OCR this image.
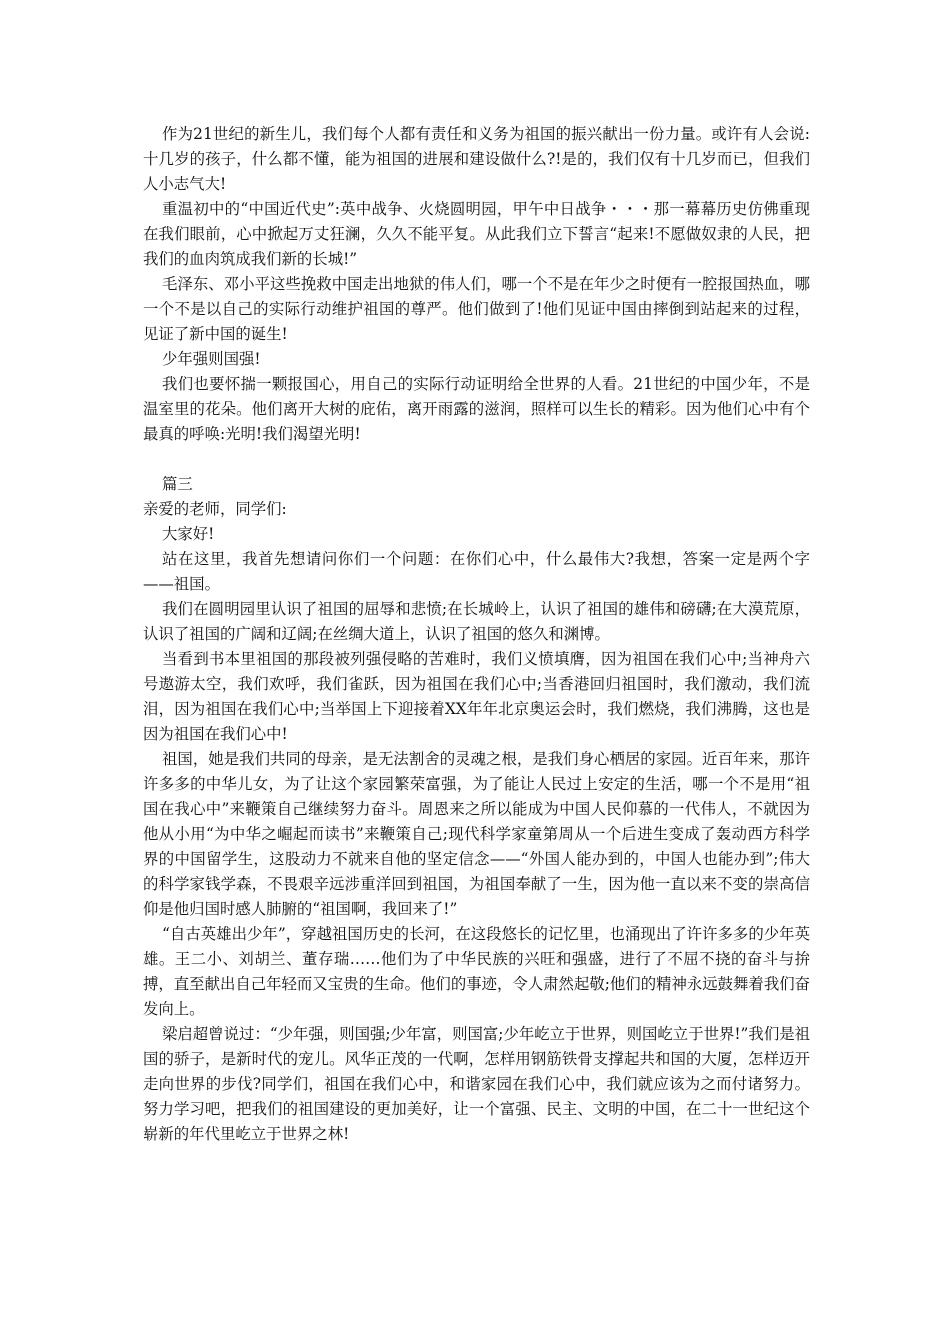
作为21世纪的新生儿，我们每个人都有责任和义务为祖国的振兴献出一份力量。或许有人会说:十几岁的孩子，什么都不懂，能为祖国的进展和建设做什么?!是的，我们仅有十几岁而已，但我们人小志气大!

重温初中的“中国近代史”:英中战争、火烧圆明园，甲午中日战争・・・那一幕幕历史仿佛重现在我们眼前，心中掀起万丈狂澜，久久不能平复。从此我们立下誓言“起来!不愿做奴隶的人民，把我们的血肉筑成我们新的长城!”

毛泽东、邓小平这些挽救中国走出地狱的伟人们，哪一个不是在年少之时便有一腔报国热血，哪一个不是以自己的实际行动维护祖国的尊严。他们做到了!他们见证中国由摔倒到站起来的过程，见证了新中国的诞生!

少年强则国强!

我们也要怀揣一颗报国心，用自己的实际行动证明给全世界的人看。21世纪的中国少年，不是温室里的花朵。他们离开大树的庇佑，离开雨露的滋润，照样可以生长的精彩。因为他们心中有个最真的呼唤:光明!我们渴望光明!

篇三

亲爱的老师，同学们:

大家好!

站在这里，我首先想请问你们一个问题：在你们心中，什么最伟大?我想，答案一定是两个字——祖国。

我们在圆明园里认识了祖国的屈辱和悲愤;在长城岭上，认识了祖国的雄伟和磅礴;在大漠荒原，认识了祖国的广阔和辽阔;在丝绸大道上，认识了祖国的悠久和渊博。

当看到书本里祖国的那段被列强侵略的苦难时，我们义愤填膺，因为祖国在我们心中;当神舟六号遨游太空，我们欢呼，我们雀跃，因为祖国在我们心中;当香港回归祖国时，我们激动，我们流泪，因为祖国在我们心中;当举国上下迎接着XX年年北京奥运会时，我们燃烧，我们沸腾，这也是因为祖国在我们心中!

祖国，她是我们共同的母亲，是无法割舍的灵魂之根，是我们身心栖居的家园。近百年来，那许许多多的中华儿女，为了让这个家园繁荣富强，为了能让人民过上安定的生活，哪一个不是用“祖国在我心中”来鞭策自己继续努力奋斗。周恩来之所以能成为中国人民仰慕的一代伟人，不就因为他从小用“为中华之崛起而读书”来鞭策自己;现代科学家童第周从一个后进生变成了轰动西方科学界的中国留学生，这股动力不就来自他的坚定信念——“外国人能办到的，中国人也能办到”;伟大的科学家钱学森，不畏艰辛远涉重洋回到祖国，为祖国奉献了一生，因为他一直以来不变的崇高信仰是他归国时感人肺腑的“祖国啊，我回来了!”

“自古英雄出少年”，穿越祖国历史的长河，在这段悠长的记忆里，也涌现出了许许多多的少年英雄。王二小、刘胡兰、董存瑞……他们为了中华民族的兴旺和强盛，进行了不屈不挠的奋斗与拚搏，直至献出自己年轻而又宝贵的生命。他们的事迹，令人肃然起敬;他们的精神永远鼓舞着我们奋发向上。

梁启超曾说过：“少年强，则国强;少年富，则国富;少年屹立于世界，则国屹立于世界!”我们是祖国的骄子，是新时代的宠儿。风华正茂的一代啊，怎样用钢筋铁骨支撑起共和国的大厦，怎样迈开走向世界的步伐?同学们，祖国在我们心中，和谐家园在我们心中，我们就应该为之而付诸努力。努力学习吧，把我们的祖国建设的更加美好，让一个富强、民主、文明的中国，在二十一世纪这个崭新的年代里屹立于世界之林!
